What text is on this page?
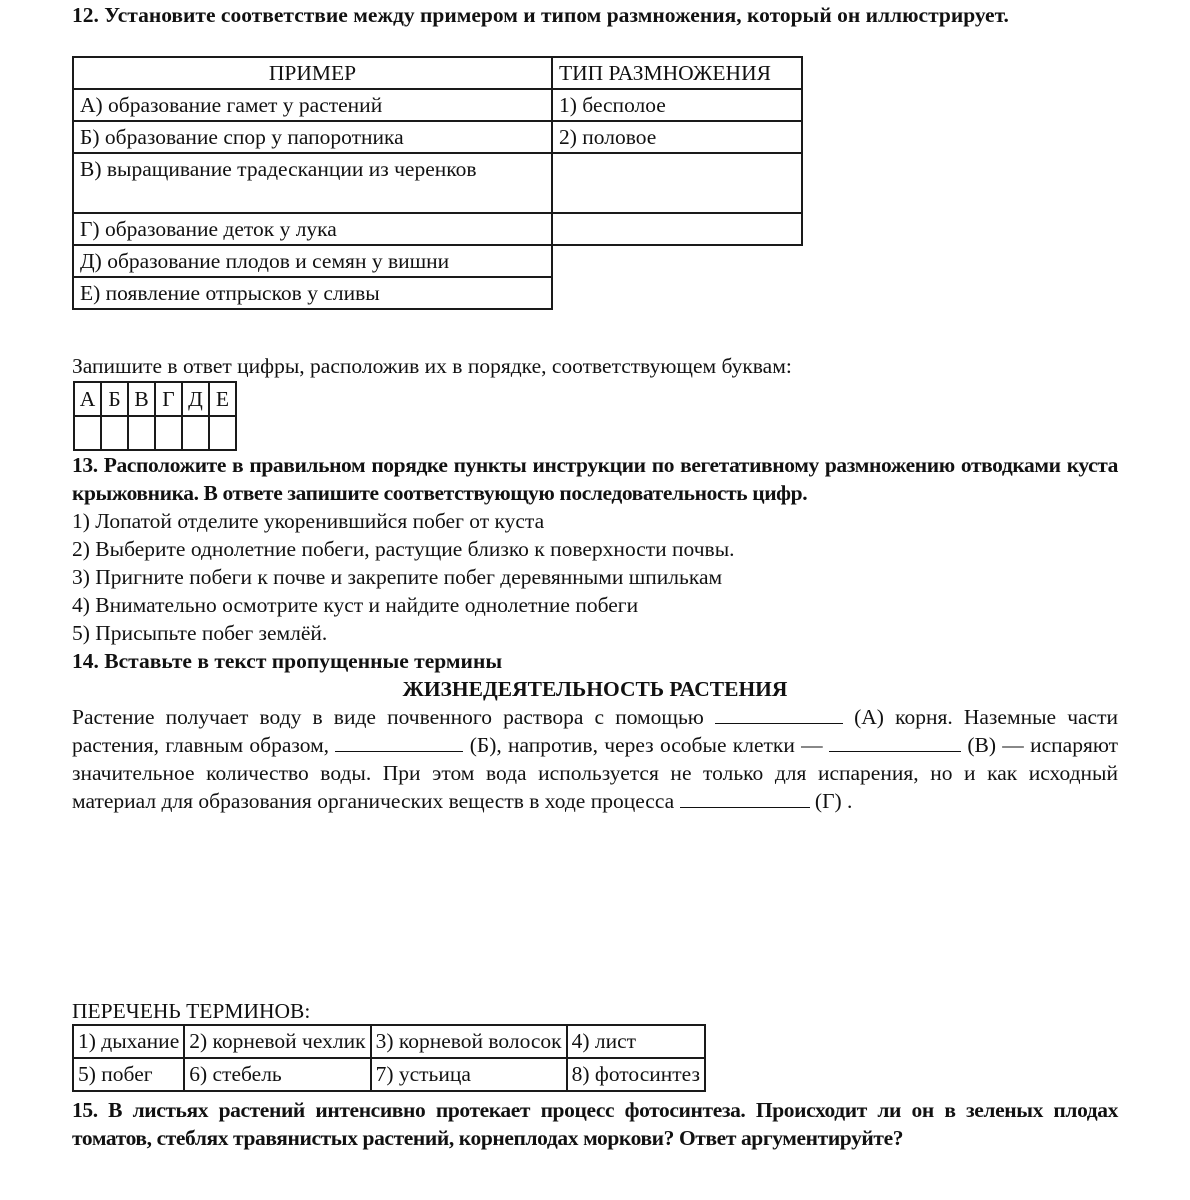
12. Установите соответствие между примером и типом размножения, который он иллюстрирует.
ПРИМЕР	ТИП РАЗМНОЖЕНИЯ
А) образование гамет у растений	1) бесполое
Б) образование спор у папоротника	2) половое
В) выращивание традесканции из черенков	
Г) образование деток у лука	
Д) образование плодов и семян у вишни	
Е) появление отпрысков у сливы	
Запишите в ответ цифры, расположив их в порядке, соответствующем буквам:
А	Б	В	Г	Д	Е

13. Расположите в правильном порядке пункты инструкции по вегетативному размножению отводками куста крыжовника. В ответе запишите соответствующую последовательность цифр.
1) Лопатой отделите укоренившийся побег от куста
2) Выберите однолетние побеги, растущие близко к поверхности почвы.
3) Пригните побеги к почве и закрепите побег деревянными шпилькам
4) Внимательно осмотрите куст и найдите однолетние побеги
5) Присыпьте побег землёй.
14. Вставьте в текст пропущенные термины
ЖИЗНЕДЕЯТЕЛЬНОСТЬ РАСТЕНИЯ
Растение получает воду в виде почвенного раствора с помощью	(А) корня. Наземные части растения, главным образом,	(Б), напротив, через особые клетки —	(В) — испаряют значительное количество воды. При этом вода используется не только для испарения, но и как исходный материал для образования органических веществ в ходе процесса	(Г) .
ПЕРЕЧЕНЬ ТЕРМИНОВ:
1) дыхание	2) корневой чехлик	3) корневой волосок	4) лист
5) побег	6) стебель	7) устьица	8) фотосинтез
15. В листьях растений интенсивно протекает процесс фотосинтеза. Происходит ли он в зеленых плодах томатов, стеблях травянистых растений, корнеплодах моркови? Ответ аргументируйте?
